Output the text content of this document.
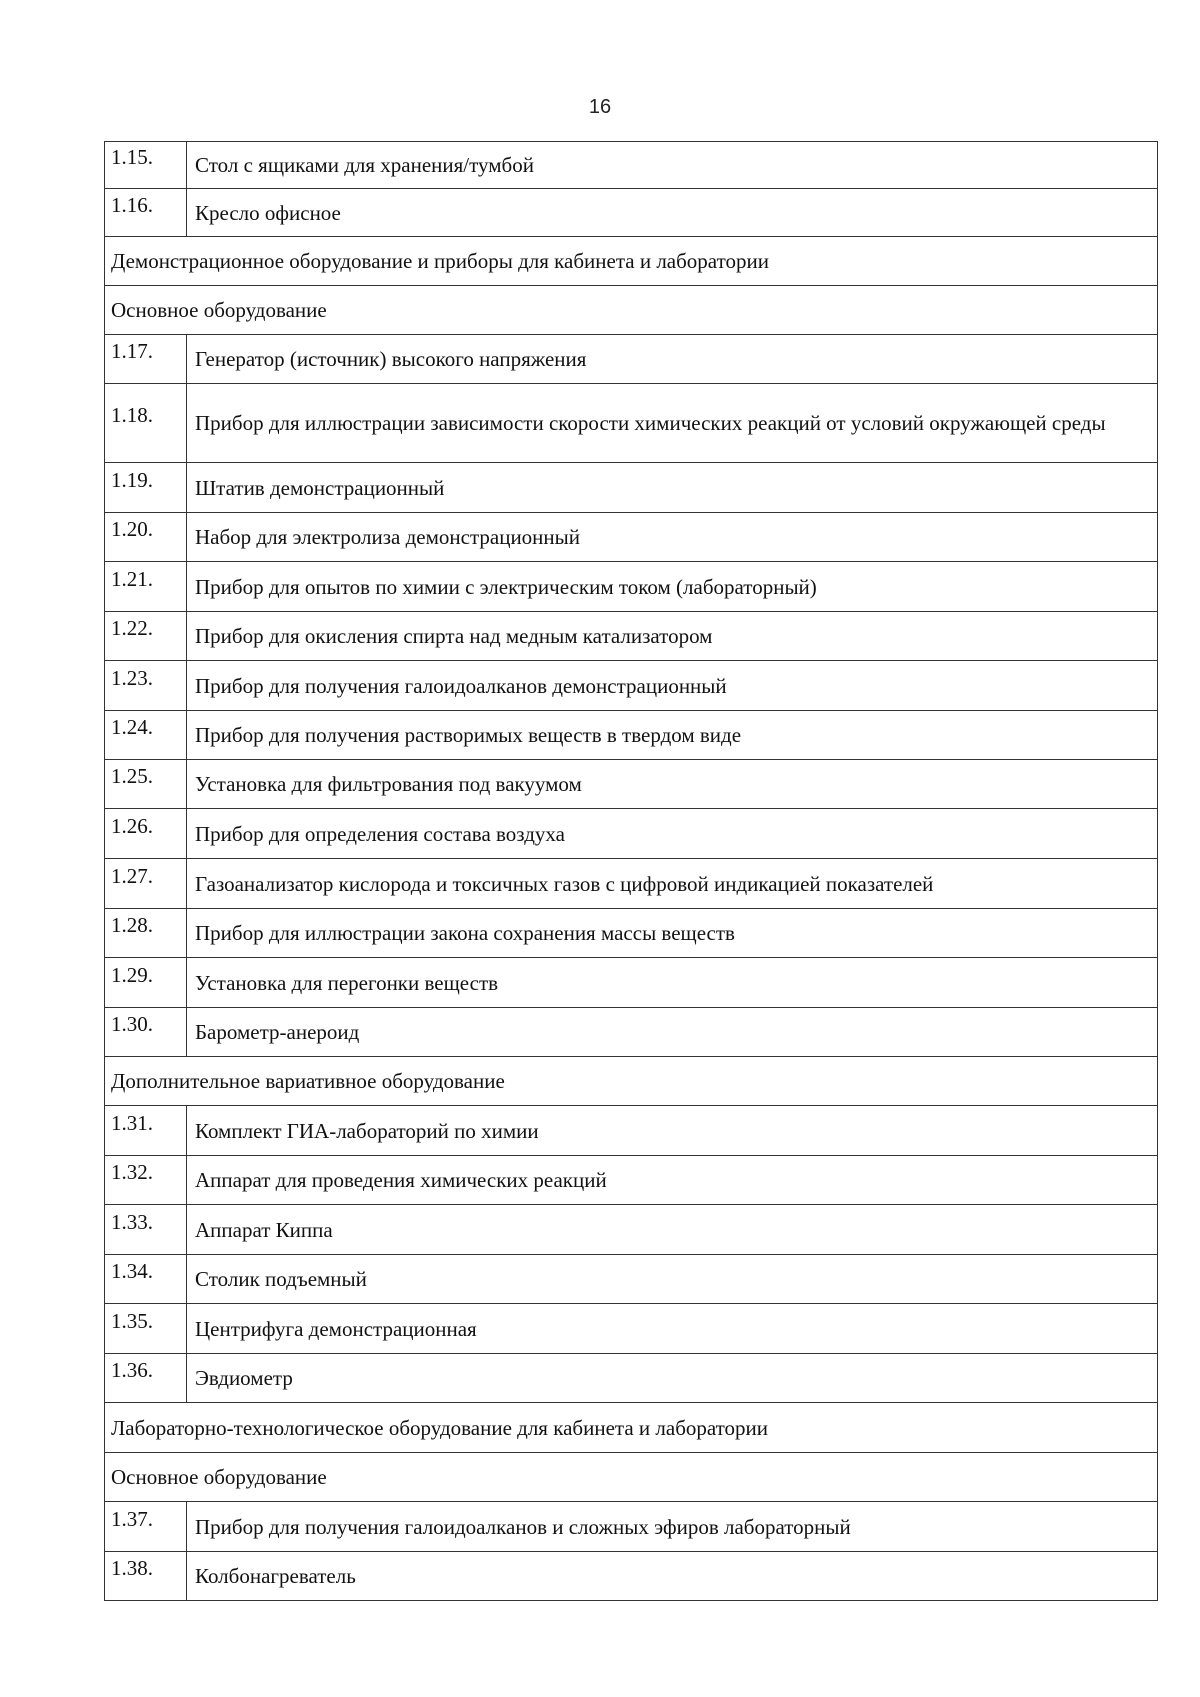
16
1.15.	Стол с ящиками для хранения/тумбой
1.16.	Кресло офисное
Демонстрационное оборудование и приборы для кабинета и лаборатории	
Основное оборудование	
1.17.	Генератор (источник) высокого напряжения
1.18.	Прибор для иллюстрации зависимости скорости химических реакций от условий окружающей среды
1.19.	Штатив демонстрационный
1.20.	Набор для электролиза демонстрационный
1.21.	Прибор для опытов по химии с электрическим током (лабораторный)
1.22.	Прибор для окисления спирта над медным катализатором
1.23.	Прибор для получения галоидоалканов демонстрационный
1.24.	Прибор для получения растворимых веществ в твердом виде
1.25.	Установка для фильтрования под вакуумом
1.26.	Прибор для определения состава воздуха
1.27.	Газоанализатор кислорода и токсичных газов с цифровой индикацией показателей
1.28.	Прибор для иллюстрации закона сохранения массы веществ
1.29.	Установка для перегонки веществ
1.30.	Барометр-анероид
Дополнительное вариативное оборудование	
1.31.	Комплект ГИА-лабораторий по химии
1.32.	Аппарат для проведения химических реакций
1.33.	Аппарат Киппа
1.34.	Столик подъемный
1.35.	Центрифуга демонстрационная
1.36.	Эвдиометр
Лабораторно-технологическое оборудование для кабинета и лаборатории	
Основное оборудование	
1.37.	Прибор для получения галоидоалканов и сложных эфиров лабораторный
1.38.	Колбонагреватель
